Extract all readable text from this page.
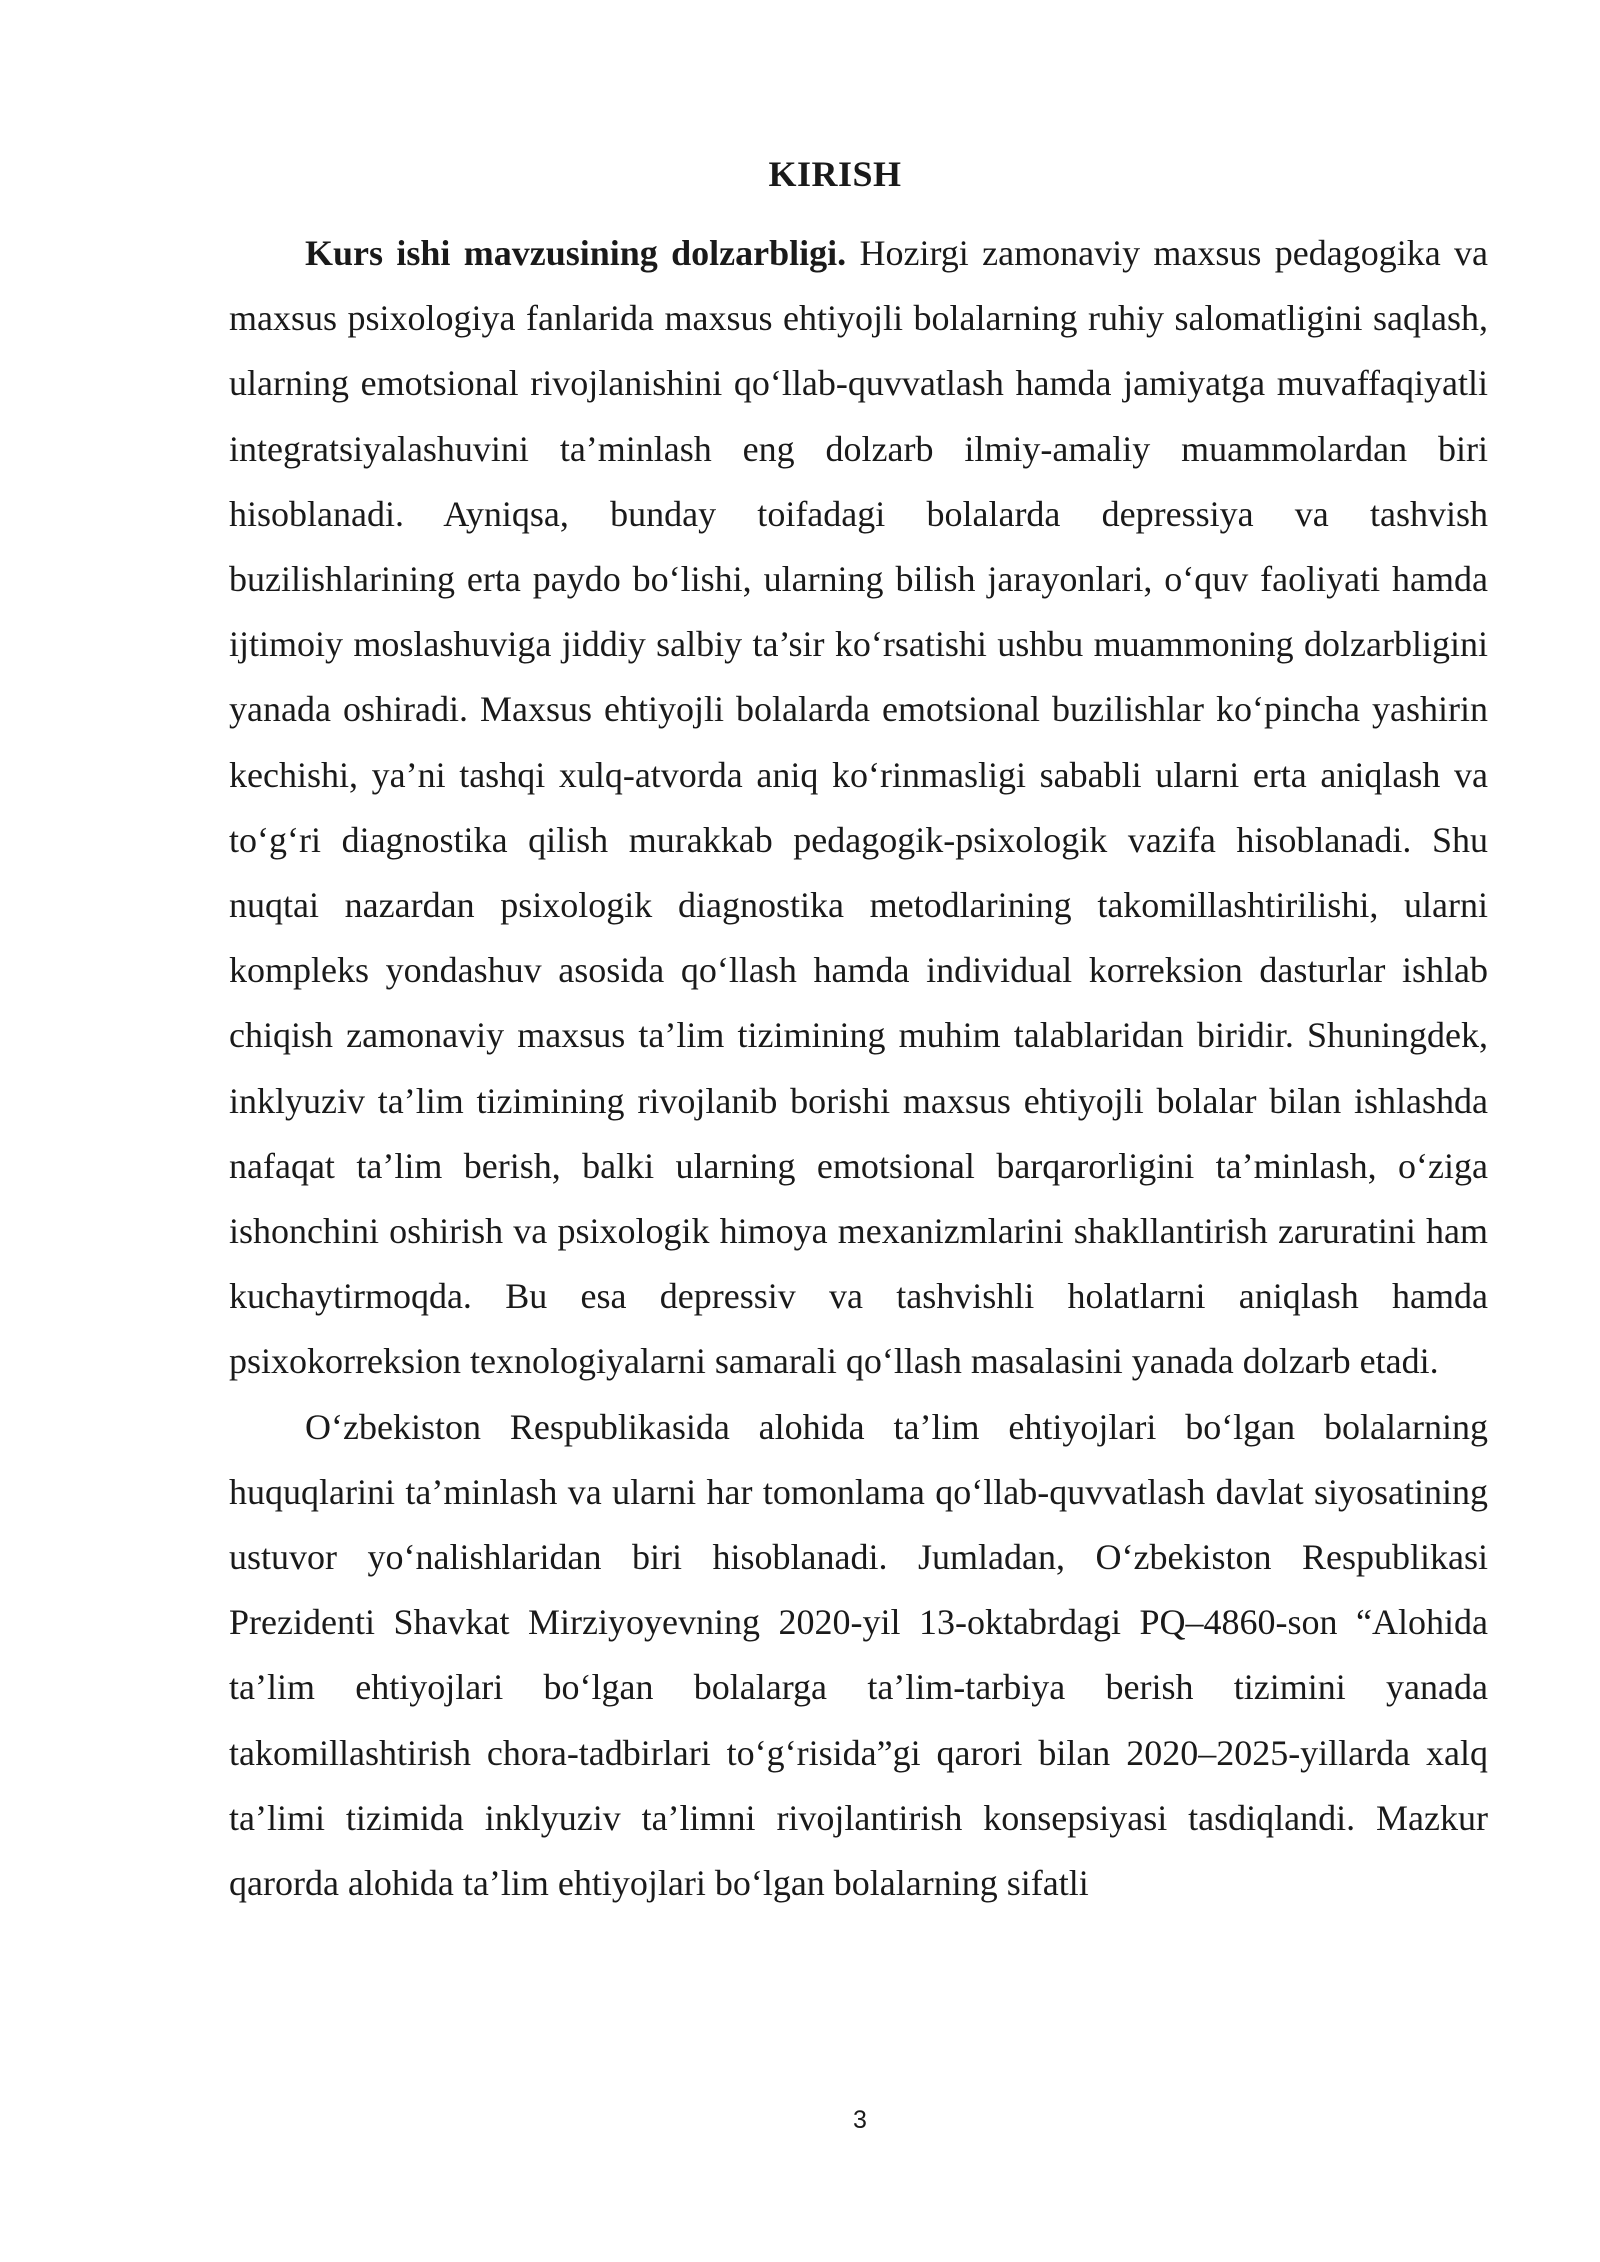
KIRISH

Kurs ishi mavzusining dolzarbligi. Hozirgi zamonaviy maxsus pedagogika va maxsus psixologiya fanlarida maxsus ehtiyojli bolalarning ruhiy salomatligini saqlash, ularning emotsional rivojlanishini qo‘llab-quvvatlash hamda jamiyatga muvaffaqiyatli integratsiyalashuvini ta’minlash eng dolzarb ilmiy-amaliy muammolardan biri hisoblanadi. Ayniqsa, bunday toifadagi bolalarda depressiya va tashvish buzilishlarining erta paydo bo‘lishi, ularning bilish jarayonlari, o‘quv faoliyati hamda ijtimoiy moslashuviga jiddiy salbiy ta’sir ko‘rsatishi ushbu muammoning dolzarbligini yanada oshiradi. Maxsus ehtiyojli bolalarda emotsional buzilishlar ko‘pincha yashirin kechishi, ya’ni tashqi xulq-atvorda aniq ko‘rinmasligi sababli ularni erta aniqlash va to‘g‘ri diagnostika qilish murakkab pedagogik-psixologik vazifa hisoblanadi. Shu nuqtai nazardan psixologik diagnostika metodlarining takomillashtirilishi, ularni kompleks yondashuv asosida qo‘llash hamda individual korreksion dasturlar ishlab chiqish zamonaviy maxsus ta’lim tizimining muhim talablaridan biridir. Shuningdek, inklyuziv ta’lim tizimining rivojlanib borishi maxsus ehtiyojli bolalar bilan ishlashda nafaqat ta’lim berish, balki ularning emotsional barqarorligini ta’minlash, o‘ziga ishonchini oshirish va psixologik himoya mexanizmlarini shakllantirish zaruratini ham kuchaytirmoqda. Bu esa depressiv va tashvishli holatlarni aniqlash hamda psixokorreksion texnologiyalarni samarali qo‘llash masalasini yanada dolzarb etadi.

O‘zbekiston Respublikasida alohida ta’lim ehtiyojlari bo‘lgan bolalarning huquqlarini ta’minlash va ularni har tomonlama qo‘llab-quvvatlash davlat siyosatining ustuvor yo‘nalishlaridan biri hisoblanadi. Jumladan, O‘zbekiston Respublikasi Prezidenti Shavkat Mirziyoyevning 2020-yil 13-oktabrdagi PQ–4860-son “Alohida ta’lim ehtiyojlari bo‘lgan bolalarga ta’lim-tarbiya berish tizimini yanada takomillashtirish chora-tadbirlari to‘g‘risida”gi qarori bilan 2020–2025-yillarda xalq ta’limi tizimida inklyuziv ta’limni rivojlantirish konsepsiyasi tasdiqlandi. Mazkur qarorda alohida ta’lim ehtiyojlari bo‘lgan bolalarning sifatli

3
